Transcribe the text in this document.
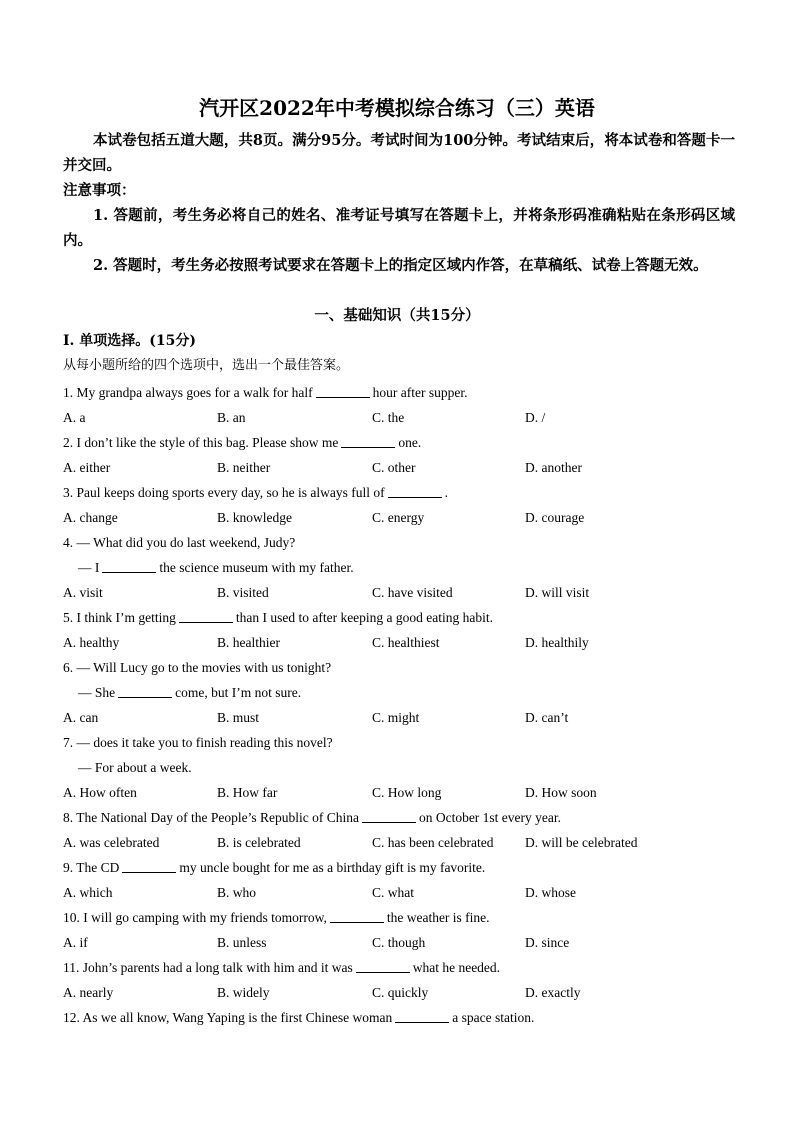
汽开区2022年中考模拟综合练习（三）英语

本试卷包括五道大题，共8页。满分95分。考试时间为100分钟。考试结束后，将本试卷和答题卡一并交回。

注意事项：

1. 答题前，考生务必将自己的姓名、准考证号填写在答题卡上，并将条形码准确粘贴在条形码区域内。

2. 答题时，考生务必按照考试要求在答题卡上的指定区域内作答，在草稿纸、试卷上答题无效。

一、基础知识（共15分）
Ⅰ. 单项选择。(15分)
从每小题所给的四个选项中，选出一个最佳答案。
1. My grandpa always goes for a walk for half	hour after supper.
A. a	B. an	C. the	D. /
2. I don’t like the style of this bag. Please show me	one.
A. either	B. neither	C. other	D. another
3. Paul keeps doing sports every day, so he is always full of	.
A. change	B. knowledge	C. energy	D. courage
4. — What did you do last weekend, Judy?
— I	the science museum with my father.
A. visit	B. visited	C. have visited	D. will visit
5. I think I’m getting	than I used to after keeping a good eating habit.
A. healthy	B. healthier	C. healthiest	D. healthily
6. — Will Lucy go to the movies with us tonight?
— She	come, but I’m not sure.
A. can	B. must	C. might	D. can’t
7. — does it take you to finish reading this novel?
— For about a week.
A. How often	B. How far	C. How long	D. How soon
8. The National Day of the People’s Republic of China	on October 1st every year.
A. was celebrated	B. is celebrated	C. has been celebrated D. will be celebrated
9. The CD	my uncle bought for me as a birthday gift is my favorite.
A. which	B. who	C. what	D. whose
10. I will go camping with my friends tomorrow,	the weather is fine.
A. if	B. unless	C. though	D. since
11. John’s parents had a long talk with him and it was	what he needed.
A. nearly	B. widely	C. quickly	D. exactly
12. As we all know, Wang Yaping is the first Chinese woman	a space station.
